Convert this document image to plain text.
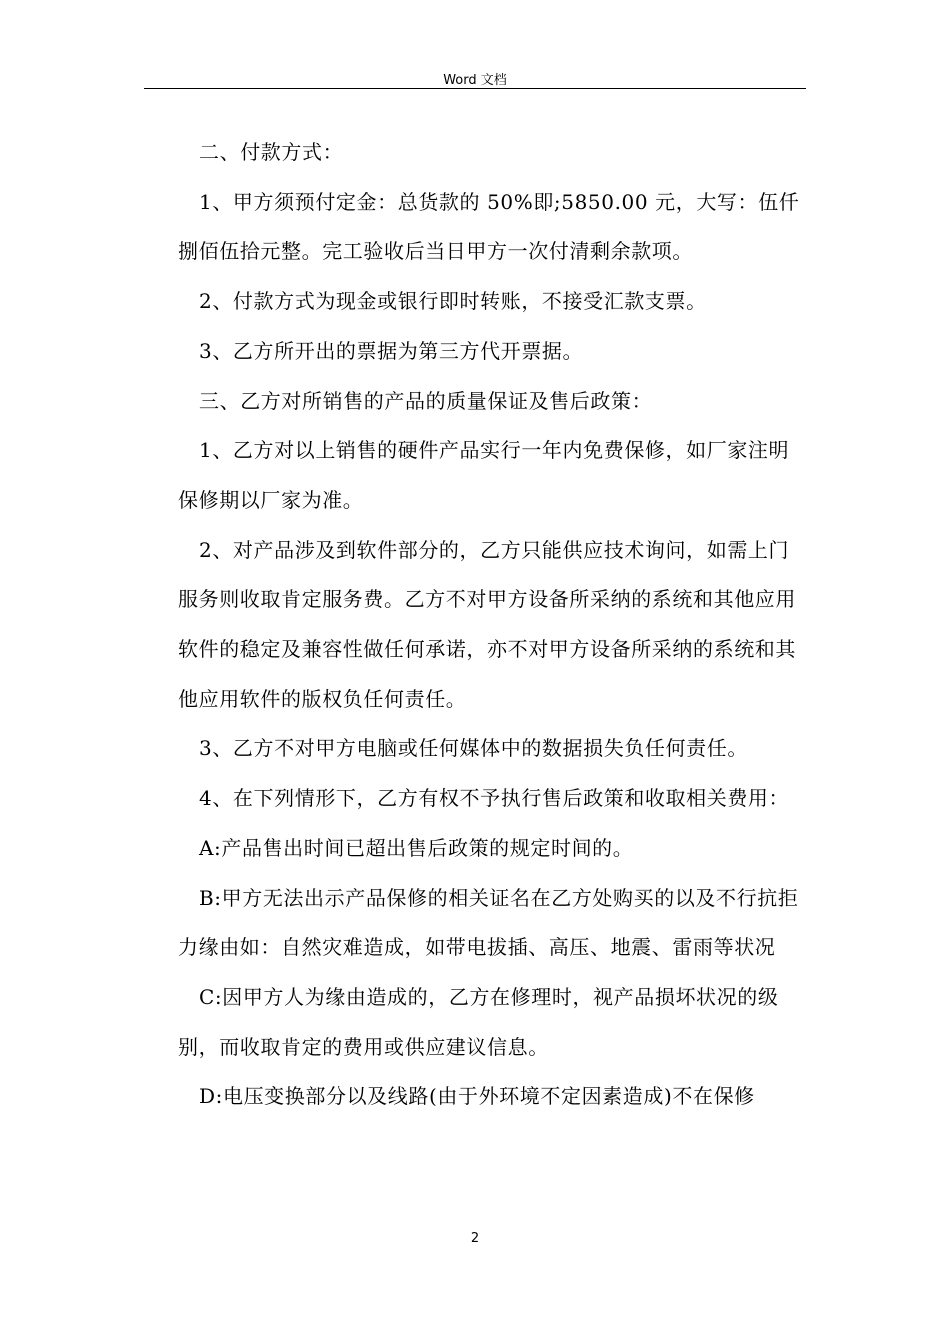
Word 文档

二、付款方式：

1、甲方须预付定金：总货款的 50%即;5850.00 元，大写：伍仟捌佰伍拾元整。完工验收后当日甲方一次付清剩余款项。

2、付款方式为现金或银行即时转账，不接受汇款支票。

3、乙方所开出的票据为第三方代开票据。

三、乙方对所销售的产品的质量保证及售后政策：

1、乙方对以上销售的硬件产品实行一年内免费保修，如厂家注明保修期以厂家为准。

2、对产品涉及到软件部分的，乙方只能供应技术询问，如需上门服务则收取肯定服务费。乙方不对甲方设备所采纳的系统和其他应用软件的稳定及兼容性做任何承诺，亦不对甲方设备所采纳的系统和其他应用软件的版权负任何责任。

3、乙方不对甲方电脑或任何媒体中的数据损失负任何责任。

4、在下列情形下，乙方有权不予执行售后政策和收取相关费用：

A:产品售出时间已超出售后政策的规定时间的。

B:甲方无法出示产品保修的相关证名在乙方处购买的以及不行抗拒力缘由如：自然灾难造成，如带电拔插、高压、地震、雷雨等状况

C:因甲方人为缘由造成的，乙方在修理时，视产品损坏状况的级别，而收取肯定的费用或供应建议信息。

D:电压变换部分以及线路(由于外环境不定因素造成)不在保修

2
